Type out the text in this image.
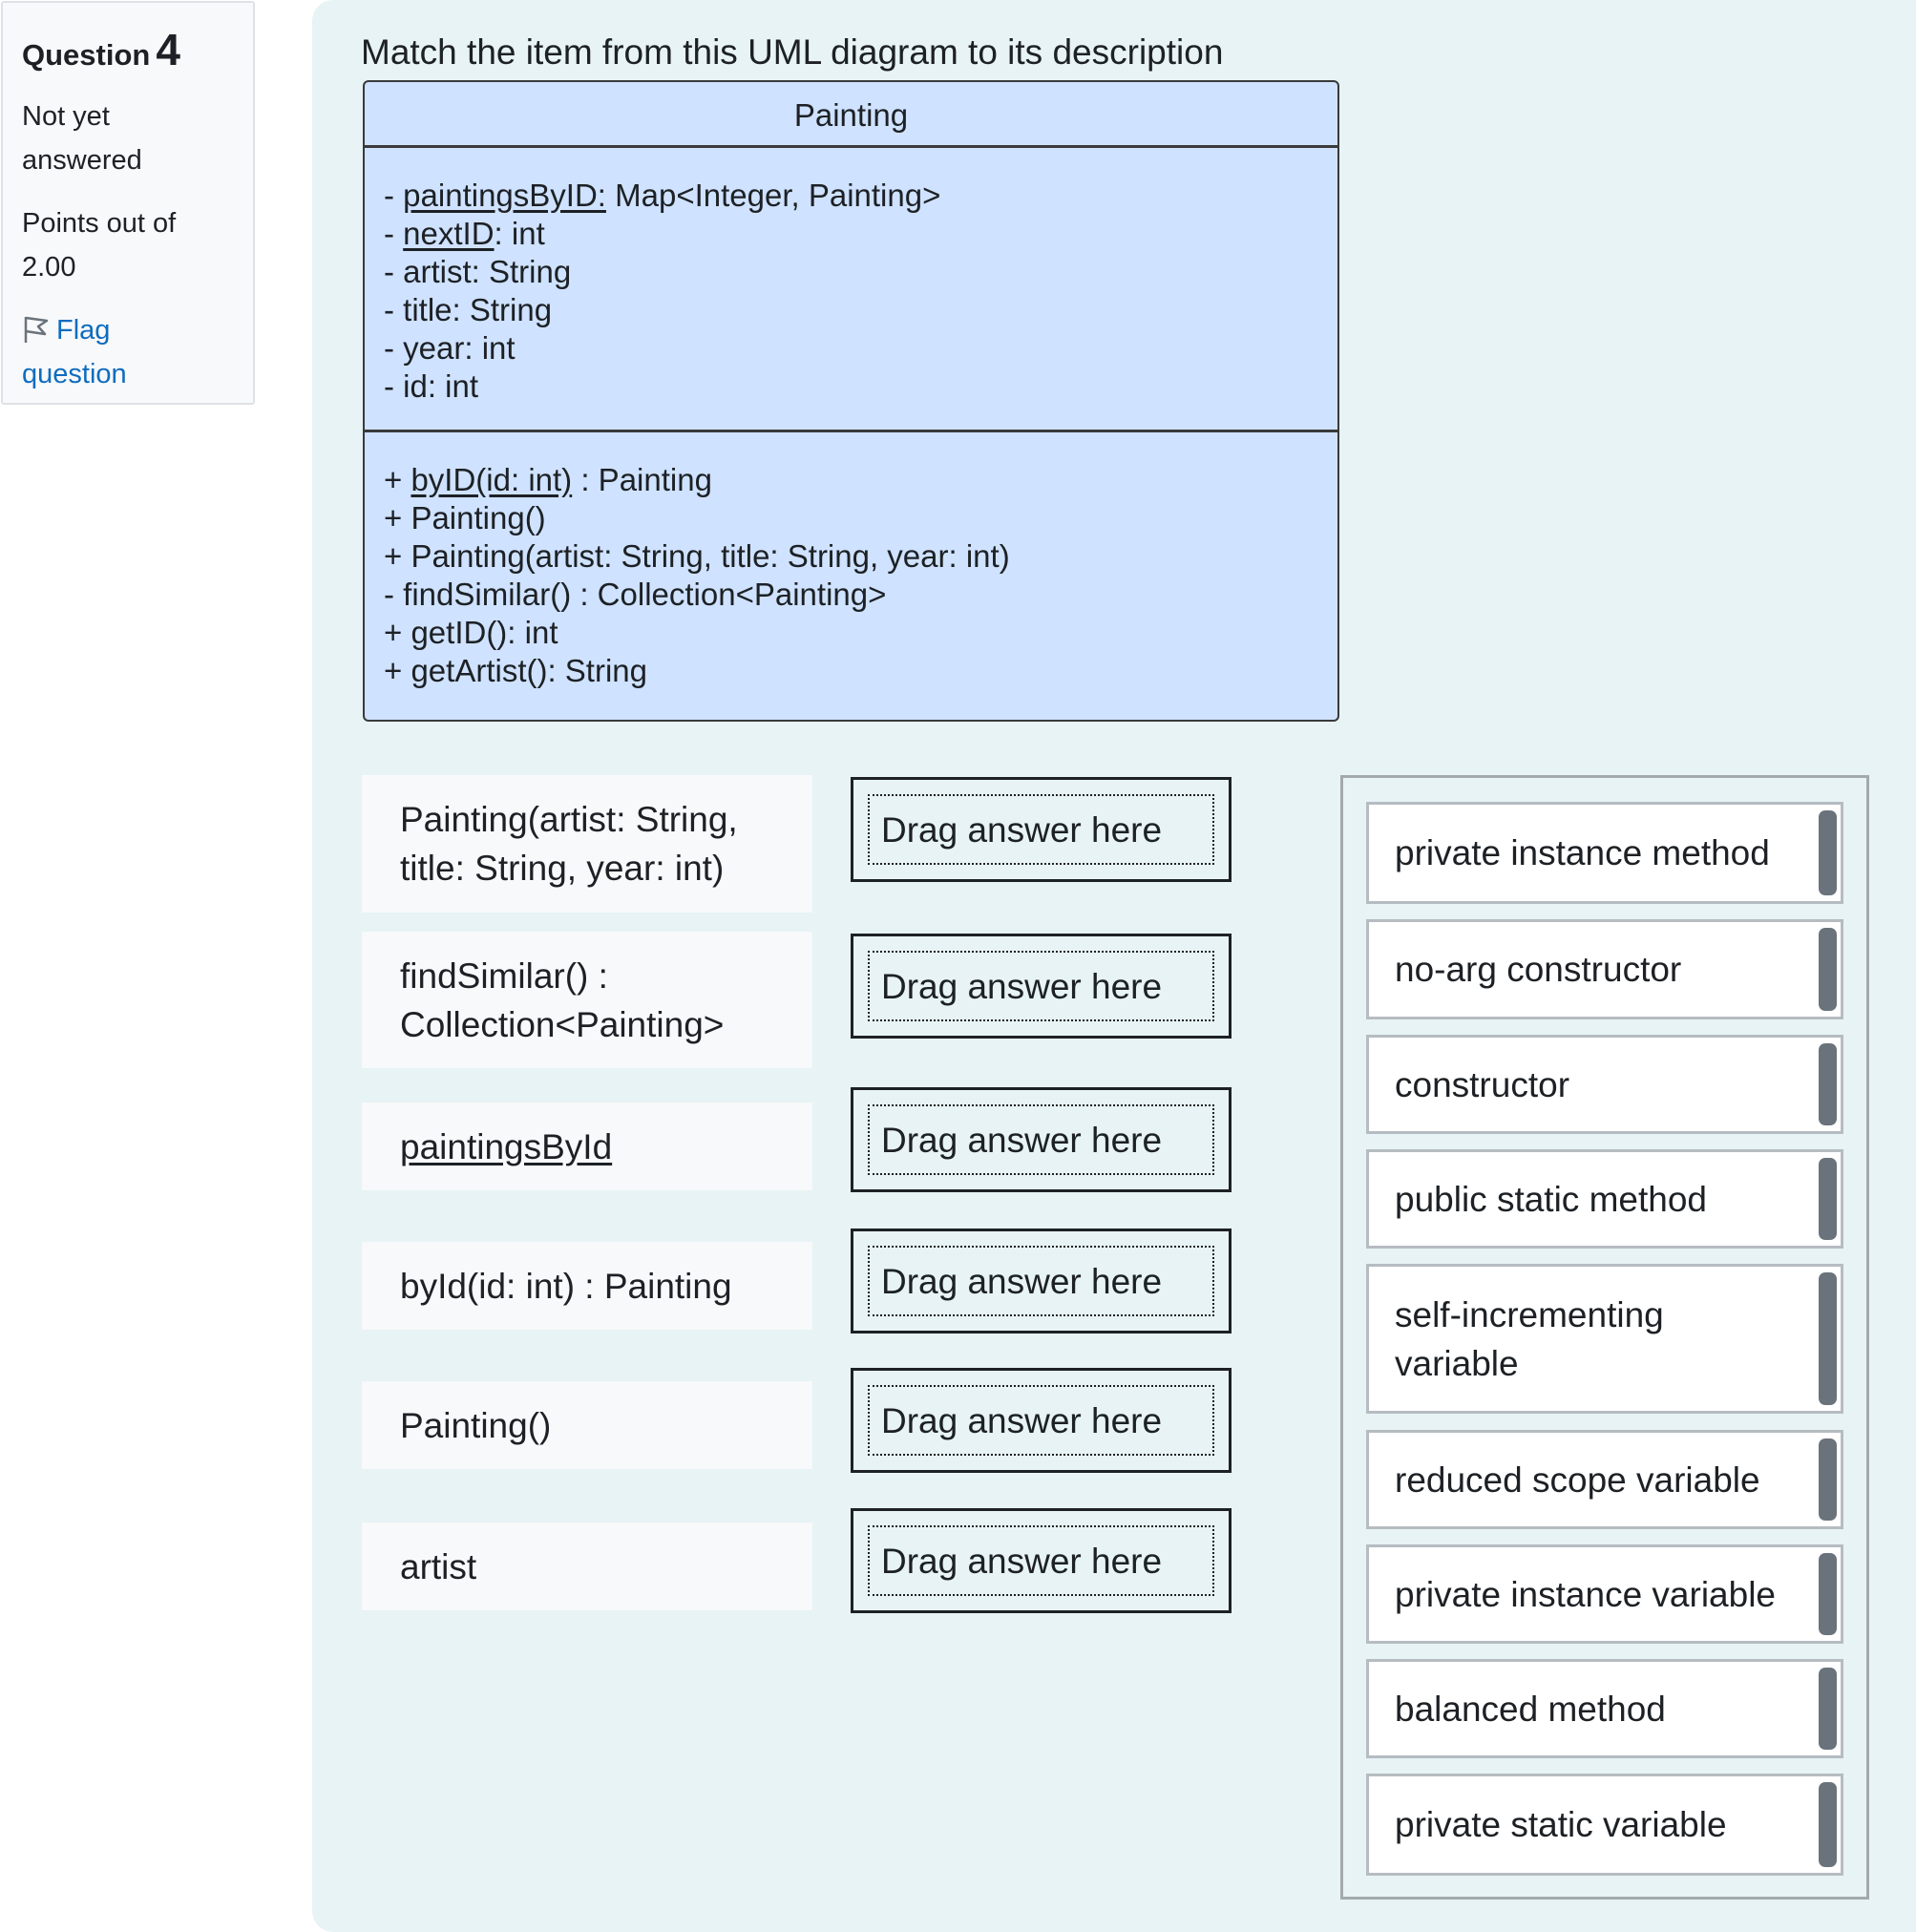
Question 4
Not yet
answered
Points out of
2.00
Flag
question
Match the item from this UML diagram to its description
Painting
- paintingsByID: Map<Integer, Painting>
- nextID: int
- artist: String
- title: String
- year: int
- id: int
+ byID(id: int) : Painting
+ Painting()
+ Painting(artist: String, title: String, year: int)
- findSimilar() : Collection<Painting>
+ getID(): int
+ getArtist(): String
Painting(artist: String,
title: String, year: int)
findSimilar() :
Collection<Painting>
paintingsById
byId(id: int) : Painting
Painting()
artist
Drag answer here
Drag answer here
Drag answer here
Drag answer here
Drag answer here
Drag answer here
private instance method
no-arg constructor
constructor
public static method
self-incrementing variable
reduced scope variable
private instance variable
balanced method
private static variable
